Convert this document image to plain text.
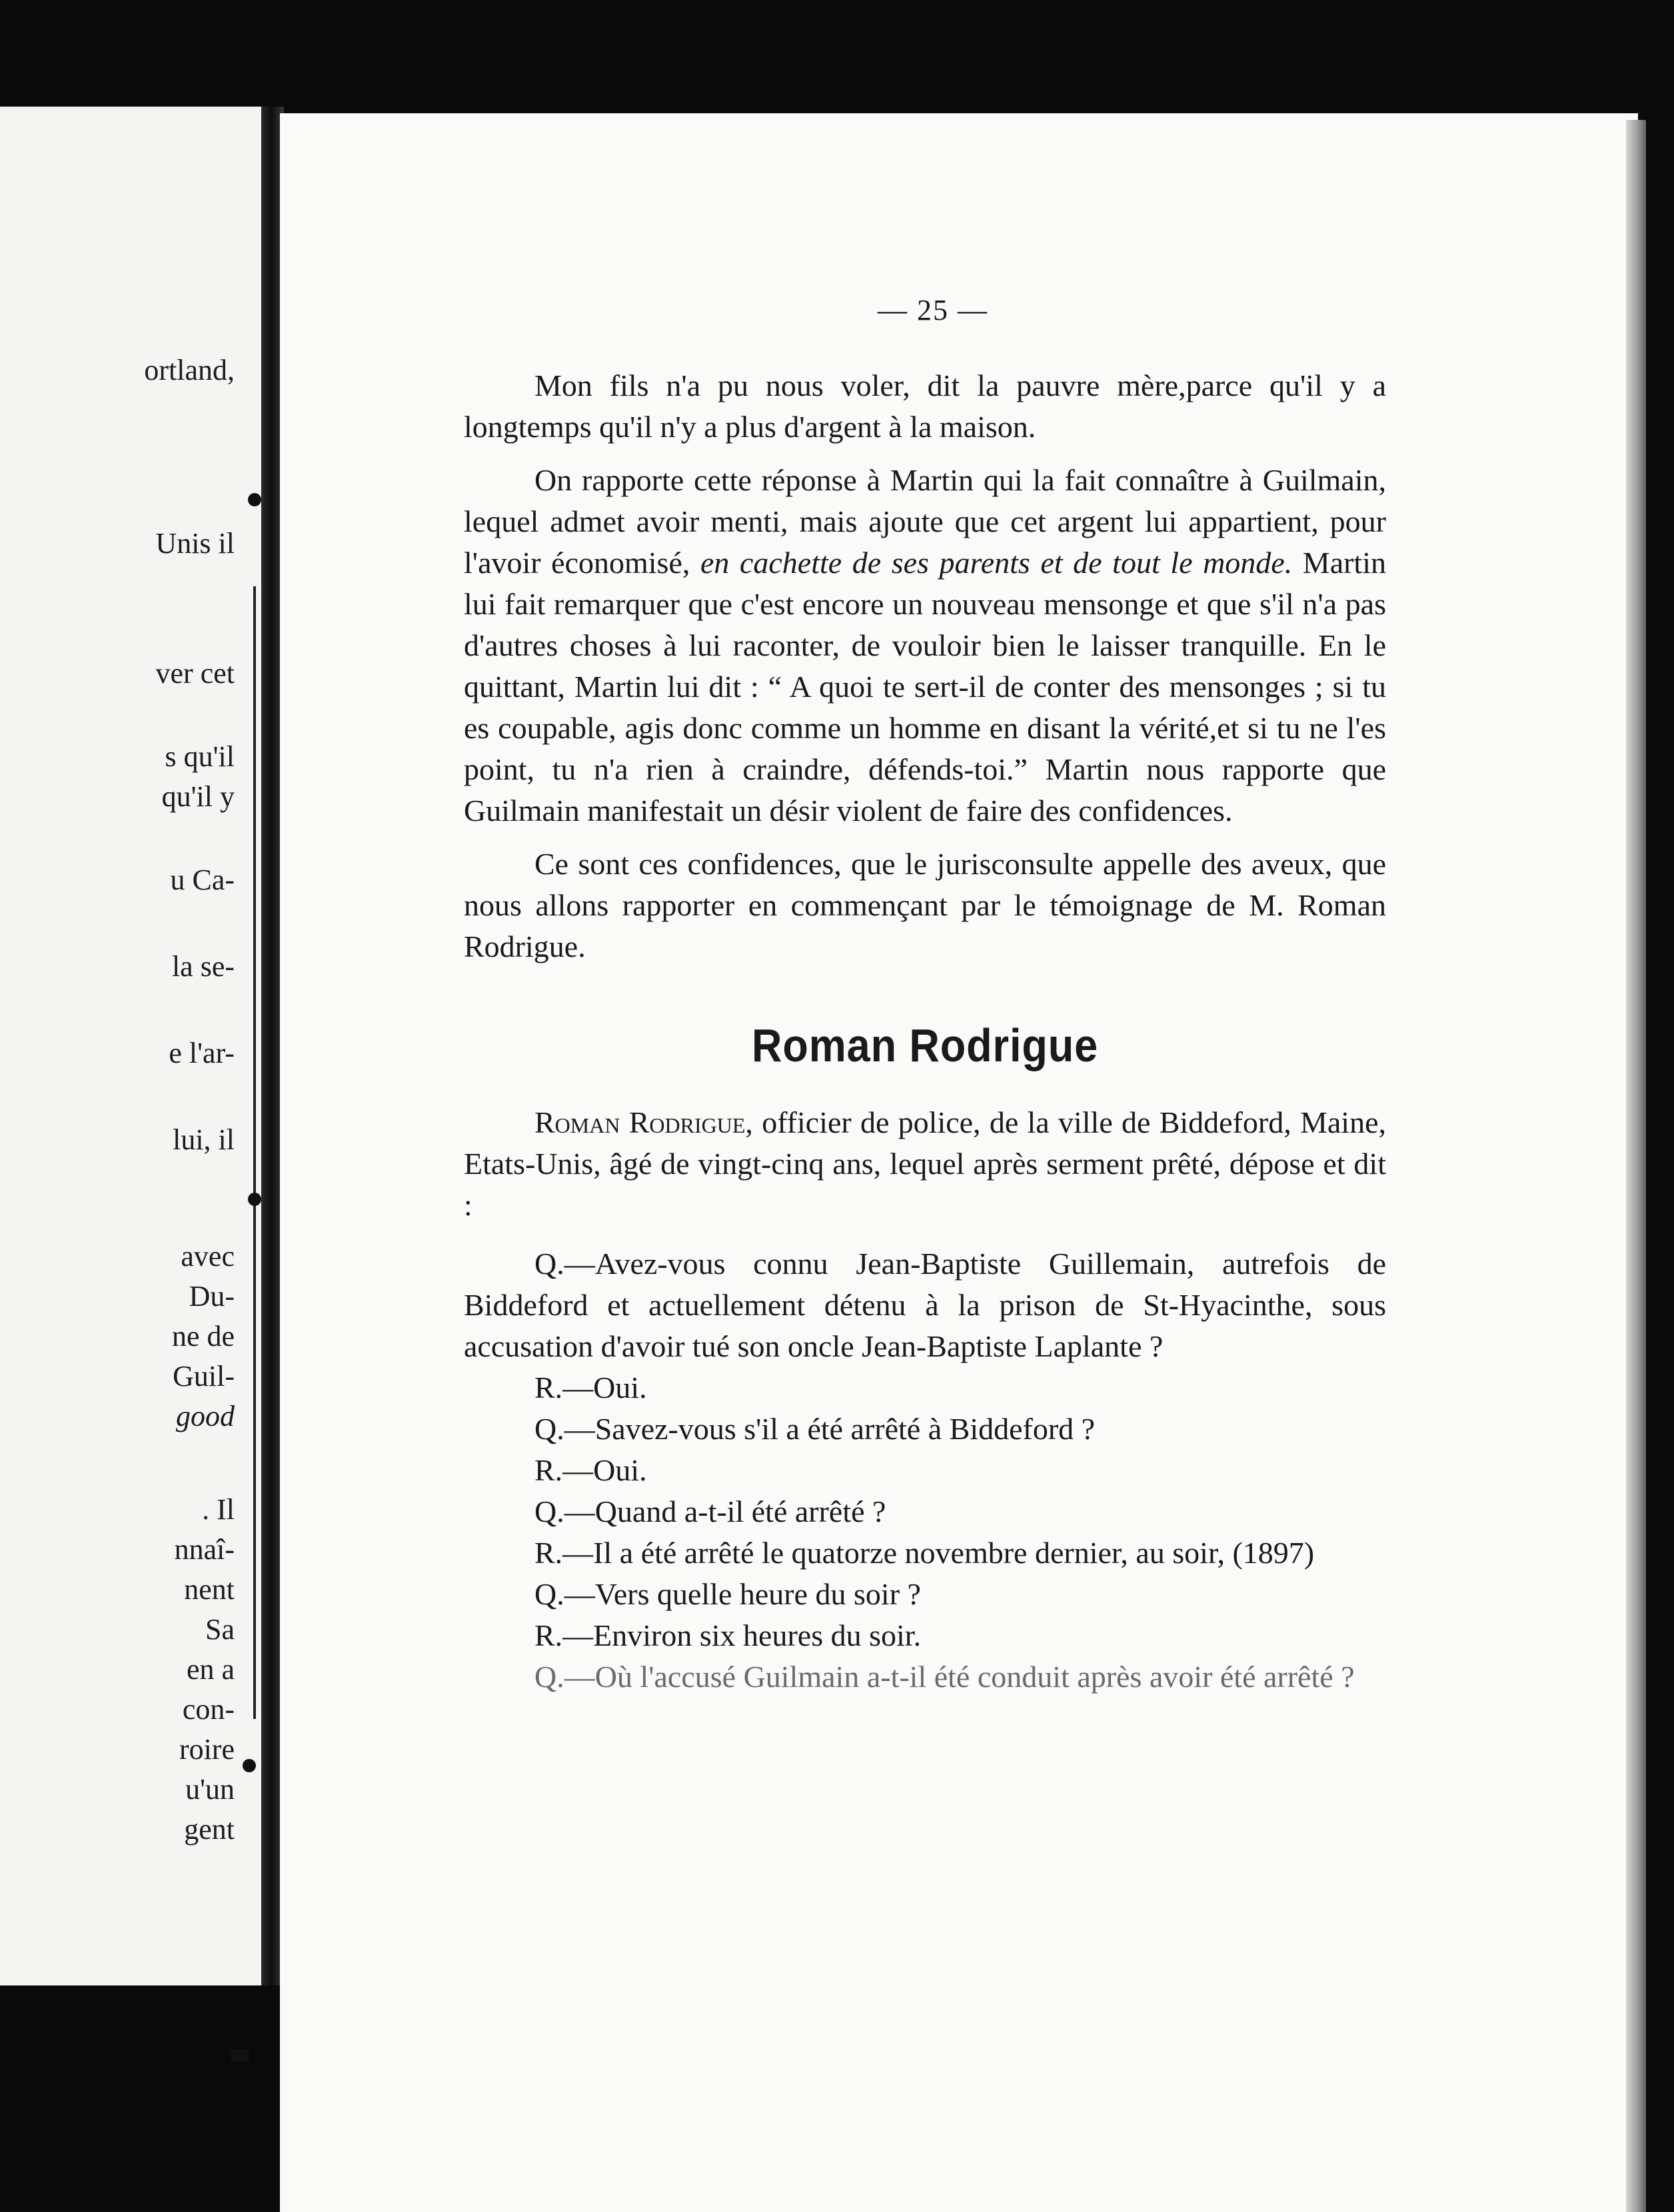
ortland,
Unis il
ver cet
s qu'il
qu'il y
u Ca-
la se-
e l'ar-
lui, il
avec
Du-
ne de
Guil-
good
. Il
nnaî-
nent
Sa
en a
con-
roire
u'un
gent
— 25 —

Mon fils n'a pu nous voler, dit la pauvre mère,parce qu'il y a longtemps qu'il n'y a plus d'argent à la maison.

On rapporte cette réponse à Martin qui la fait connaître à Guilmain, lequel admet avoir menti, mais ajoute que cet argent lui appartient, pour l'avoir économisé, en cachette de ses parents et de tout le monde. Martin lui fait remarquer que c'est encore un nouveau mensonge et que s'il n'a pas d'autres choses à lui raconter, de vouloir bien le laisser tranquille. En le quittant, Martin lui dit : “ A quoi te sert-il de conter des mensonges ; si tu es coupable, agis donc comme un homme en disant la vérité,et si tu ne l'es point, tu n'a rien à craindre, défends-toi.” Martin nous rapporte que Guilmain manifestait un désir violent de faire des confidences.

Ce sont ces confidences, que le jurisconsulte appelle des aveux, que nous allons rapporter en commençant par le témoignage de M. Roman Rodrigue.

Roman Rodrigue

Roman Rodrigue, officier de police, de la ville de Biddeford, Maine, Etats-Unis, âgé de vingt-cinq ans, lequel après serment prêté, dépose et dit :

Q.—Avez-vous connu Jean-Baptiste Guillemain, autrefois de Biddeford et actuellement détenu à la prison de St-Hyacinthe, sous accusation d'avoir tué son oncle Jean-Baptiste Laplante ?

R.—Oui.

Q.—Savez-vous s'il a été arrêté à Biddeford ?

R.—Oui.

Q.—Quand a-t-il été arrêté ?

R.—Il a été arrêté le quatorze novembre dernier, au soir, (1897)

Q.—Vers quelle heure du soir ?

R.—Environ six heures du soir.

Q.—Où l'accusé Guilmain a-t-il été conduit après avoir été arrêté ?
